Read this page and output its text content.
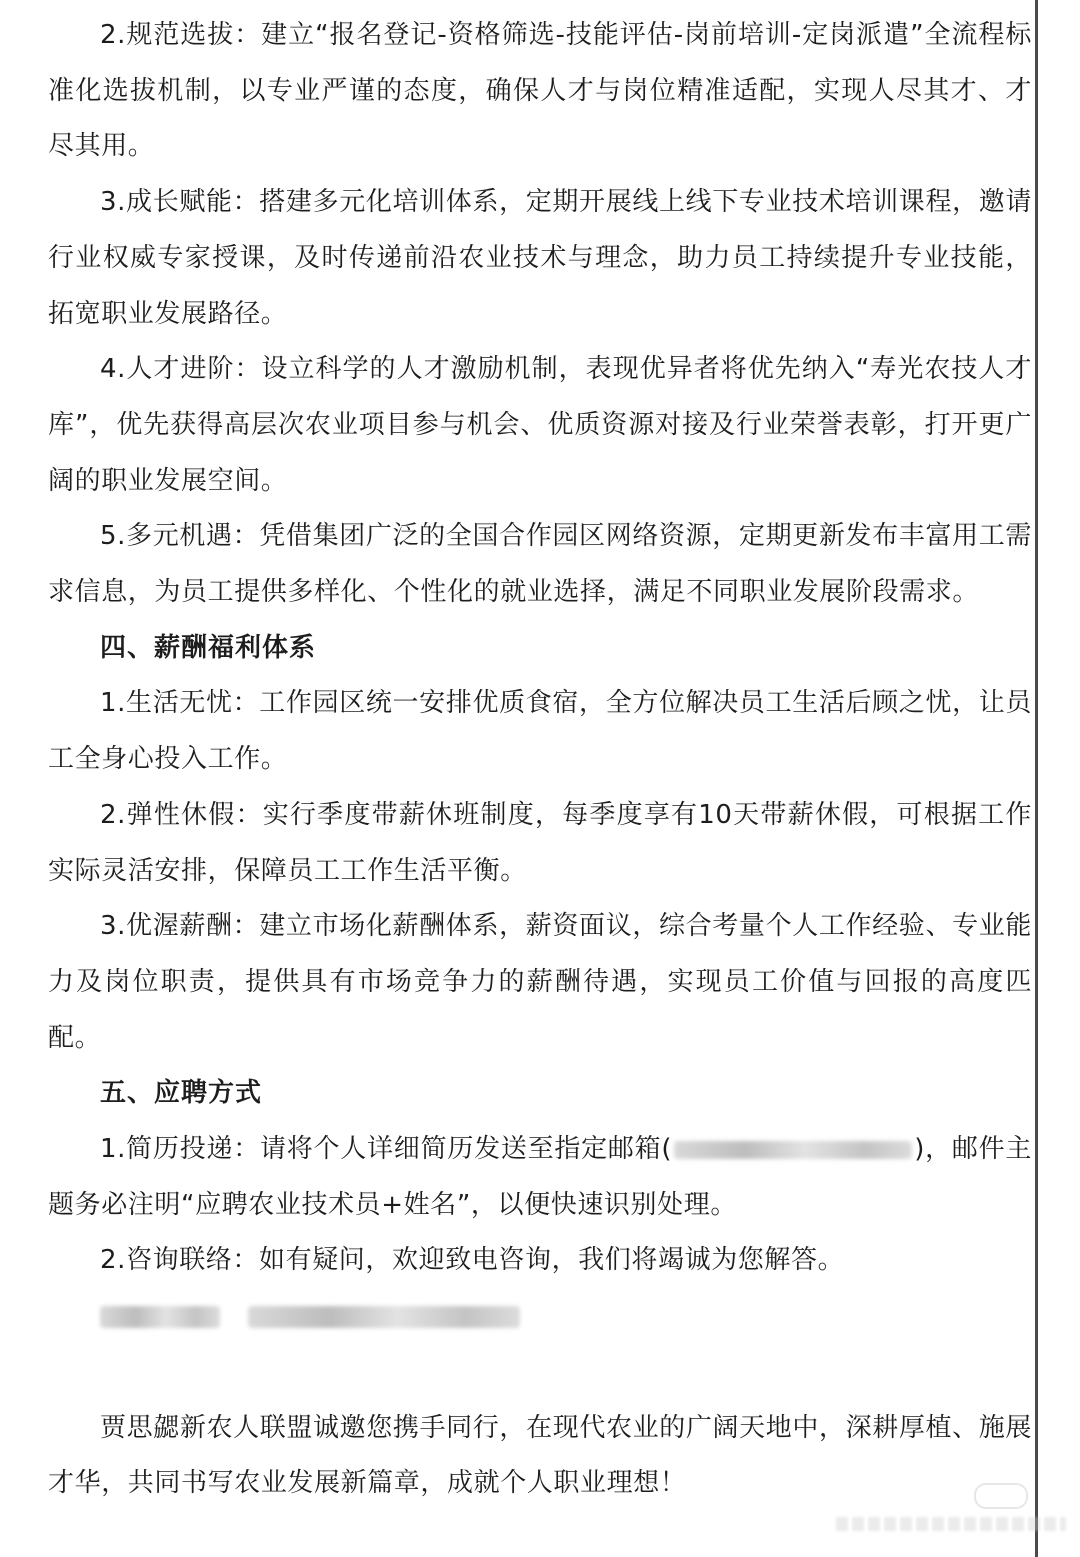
2.规范选拔：建立“报名登记-资格筛选-技能评估-岗前培训-定岗派遣”全流程标准化选拔机制，以专业严谨的态度，确保人才与岗位精准适配，实现人尽其才、才尽其用。

3.成长赋能：搭建多元化培训体系，定期开展线上线下专业技术培训课程，邀请行业权威专家授课，及时传递前沿农业技术与理念，助力员工持续提升专业技能，拓宽职业发展路径。

4.人才进阶：设立科学的人才激励机制，表现优异者将优先纳入“寿光农技人才库”，优先获得高层次农业项目参与机会、优质资源对接及行业荣誉表彰，打开更广阔的职业发展空间。

5.多元机遇：凭借集团广泛的全国合作园区网络资源，定期更新发布丰富用工需求信息，为员工提供多样化、个性化的就业选择，满足不同职业发展阶段需求。

四、薪酬福利体系

1.生活无忧：工作园区统一安排优质食宿，全方位解决员工生活后顾之忧，让员工全身心投入工作。

2.弹性休假：实行季度带薪休班制度，每季度享有10天带薪休假，可根据工作实际灵活安排，保障员工工作生活平衡。

3.优渥薪酬：建立市场化薪酬体系，薪资面议，综合考量个人工作经验、专业能力及岗位职责，提供具有市场竞争力的薪酬待遇，实现员工价值与回报的高度匹配。

五、应聘方式

1.简历投递：请将个人详细简历发送至指定邮箱(	)，邮件主题务必注明“应聘农业技术员+姓名”，以便快速识别处理。

2.咨询联络：如有疑问，欢迎致电咨询，我们将竭诚为您解答。

贾思勰新农人联盟诚邀您携手同行，在现代农业的广阔天地中，深耕厚植、施展才华，共同书写农业发展新篇章，成就个人职业理想！
